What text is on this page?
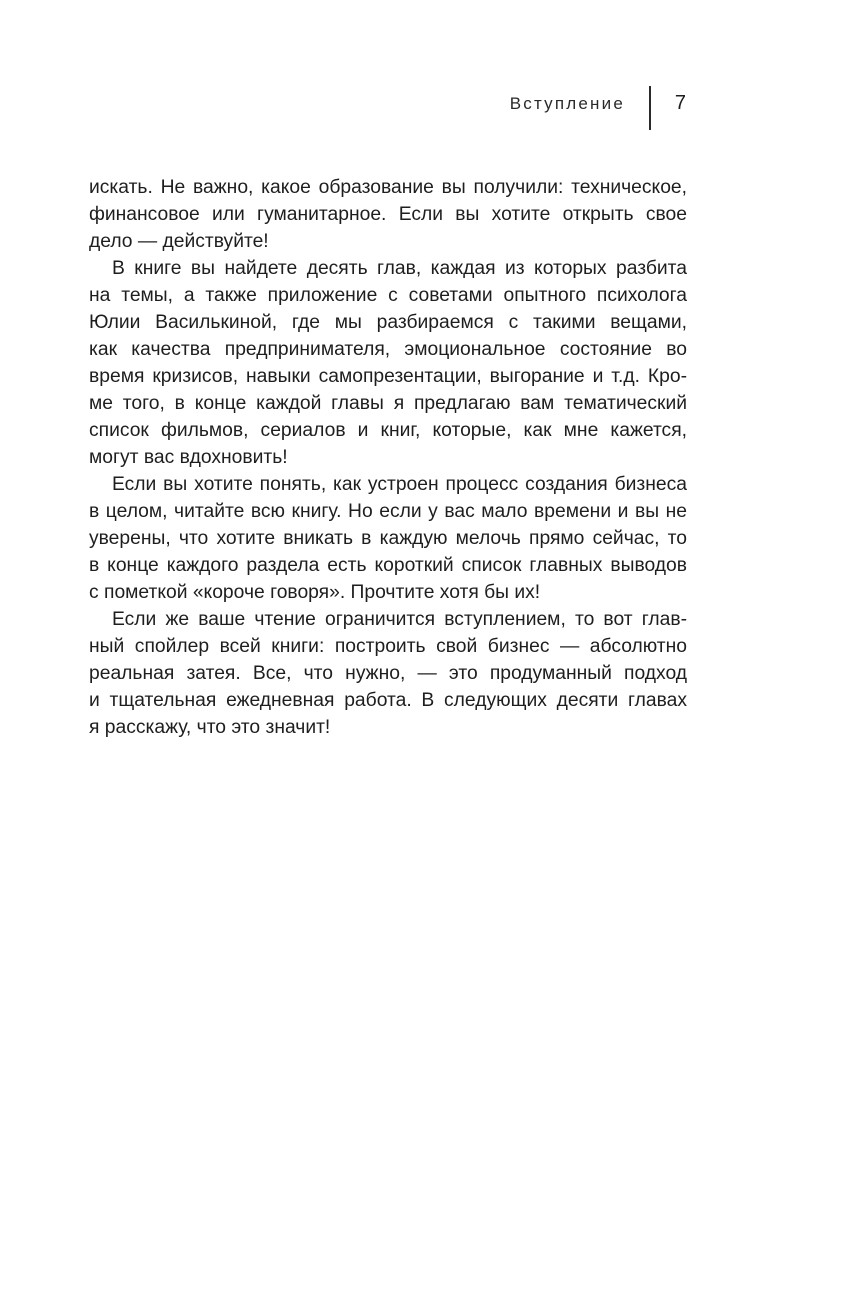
Вступление 7

искать. Не важно, какое образование вы получили: техническое,
финансовое или гуманитарное. Если вы хотите открыть свое
дело — действуйте!

В книге вы найдете десять глав, каждая из которых разбита
на темы, а также приложение с советами опытного психолога
Юлии Василькиной, где мы разбираемся с такими вещами,
как качества предпринимателя, эмоциональное состояние во
время кризисов, навыки самопрезентации, выгорание и т.д. Кро-
ме того, в конце каждой главы я предлагаю вам тематический
список фильмов, сериалов и книг, которые, как мне кажется,
могут вас вдохновить!

Если вы хотите понять, как устроен процесс создания бизнеса
в целом, читайте всю книгу. Но если у вас мало времени и вы не
уверены, что хотите вникать в каждую мелочь прямо сейчас, то
в конце каждого раздела есть короткий список главных выводов
с пометкой «короче говоря». Прочтите хотя бы их!

Если же ваше чтение ограничится вступлением, то вот глав-
ный спойлер всей книги: построить свой бизнес — абсолютно
реальная затея. Все, что нужно, — это продуманный подход
и тщательная ежедневная работа. В следующих десяти главах
я расскажу, что это значит!
